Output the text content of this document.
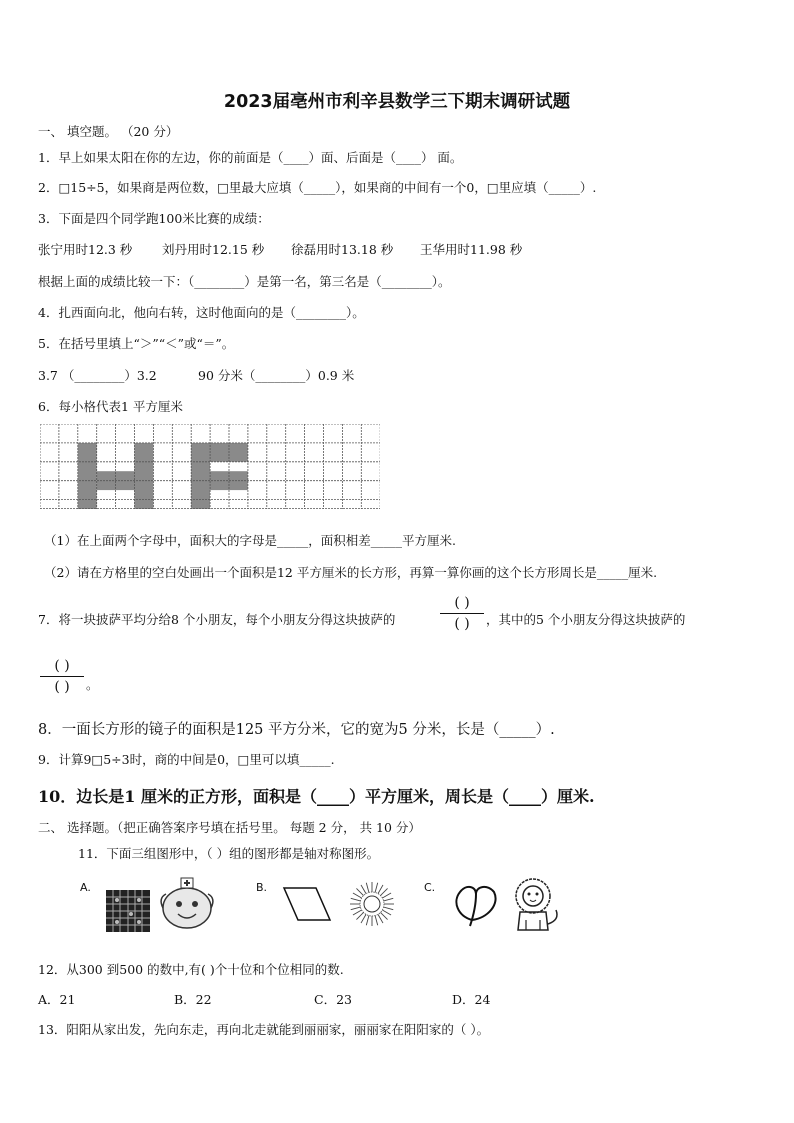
2023届亳州市利辛县数学三下期末调研试题
一、 填空题。 （20 分）
1．早上如果太阳在你的左边，你的前面是（____）面、后面是（____） 面。
2．□15÷5，如果商是两位数，□里最大应填（_____），如果商的中间有一个0，□里应填（_____）.
3．下面是四个同学跑100米比赛的成绩：
张宁用时12.3 秒 刘丹用时12.15 秒 徐磊用时13.18 秒 王华用时11.98 秒
根据上面的成绩比较一下：（________）是第一名，第三名是（________）。
4．扎西面向北，他向右转，这时他面向的是（________）。
5．在括号里填上“＞”“＜”或“＝”。
3.7 （________）3.2	90 分米（________）0.9 米
6．每小格代表1 平方厘米
（1）在上面两个字母中，面积大的字母是_____，面积相差_____平方厘米.
（2）请在方格里的空白处画出一个面积是12 平方厘米的长方形，再算一算你画的这个长方形周长是_____厘米.
7．将一块披萨平均分给8 个小朋友，每个小朋友分得这块披萨的
( )
( )	，其中的5 个小朋友分得这块披萨的
( )
( )	。
8．一面长方形的镜子的面积是125 平方分米，它的宽为5 分米，长是（_____）.
9．计算9□5÷3时，商的中间是0，□里可以填_____.
10．边长是1 厘米的正方形，面积是（____）平方厘米，周长是（____）厘米.
二、 选择题。（把正确答案序号填在括号里。 每题 2 分， 共 10 分）
11．下面三组图形中，（ ）组的图形都是轴对称图形。
A.	B.	C.
12．从300 到500 的数中,有( )个十位和个位相同的数.
A．21	B．22	C．23	D．24
13．阳阳从家出发，先向东走，再向北走就能到丽丽家，丽丽家在阳阳家的（ ）。
